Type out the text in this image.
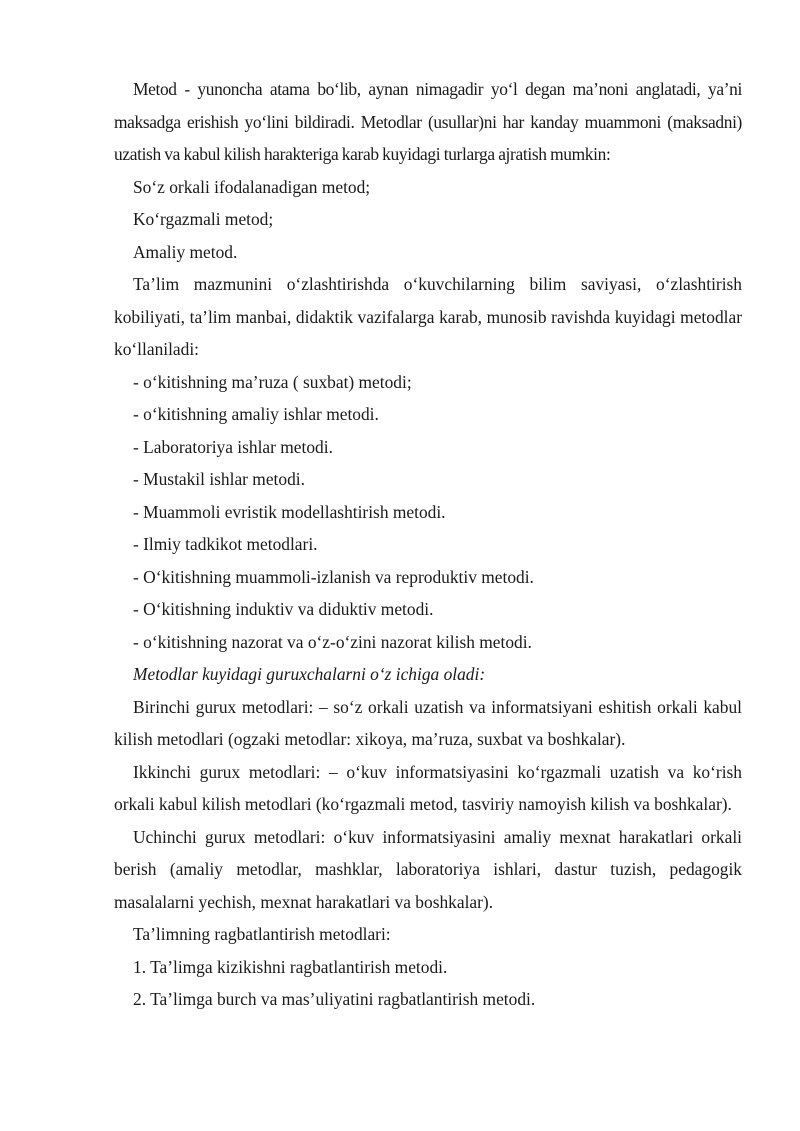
Metod - yunoncha atama bo‘lib, aynan nimagadir yo‘l degan ma’noni anglatadi, ya’ni maksadga erishish yo‘lini bildiradi. Metodlar (usullar)ni har kanday muammoni (maksadni) uzatish va kabul kilish harakteriga karab kuyidagi turlarga ajratish mumkin:

So‘z orkali ifodalanadigan metod;

Ko‘rgazmali metod;

Amaliy metod.

Ta’lim mazmunini o‘zlashtirishda o‘kuvchilarning bilim saviyasi, o‘zlashtirish kobiliyati, ta’lim manbai, didaktik vazifalarga karab, munosib ravishda kuyidagi metodlar ko‘llaniladi:

- o‘kitishning ma’ruza ( suxbat) metodi;

- o‘kitishning amaliy ishlar metodi.

- Laboratoriya ishlar metodi.

- Mustakil ishlar metodi.

- Muammoli evristik modellashtirish metodi.

- Ilmiy tadkikot metodlari.

- O‘kitishning muammoli-izlanish va reproduktiv metodi.

- O‘kitishning induktiv va diduktiv metodi.

- o‘kitishning nazorat va o‘z-o‘zini nazorat kilish metodi.

Metodlar kuyidagi guruxchalarni o‘z ichiga oladi:

Birinchi gurux metodlari: – so‘z orkali uzatish va informatsiyani eshitish orkali kabul kilish metodlari (ogzaki metodlar: xikoya, ma’ruza, suxbat va boshkalar).

Ikkinchi gurux metodlari: – o‘kuv informatsiyasini ko‘rgazmali uzatish va ko‘rish orkali kabul kilish metodlari (ko‘rgazmali metod, tasviriy namoyish kilish va boshkalar).

Uchinchi gurux metodlari: o‘kuv informatsiyasini amaliy mexnat harakatlari orkali berish (amaliy metodlar, mashklar, laboratoriya ishlari, dastur tuzish, pedagogik masalalarni yechish, mexnat harakatlari va boshkalar).

Ta’limning ragbatlantirish metodlari:

1. Ta’limga kizikishni ragbatlantirish metodi.

2. Ta’limga burch va mas’uliyatini ragbatlantirish metodi.
